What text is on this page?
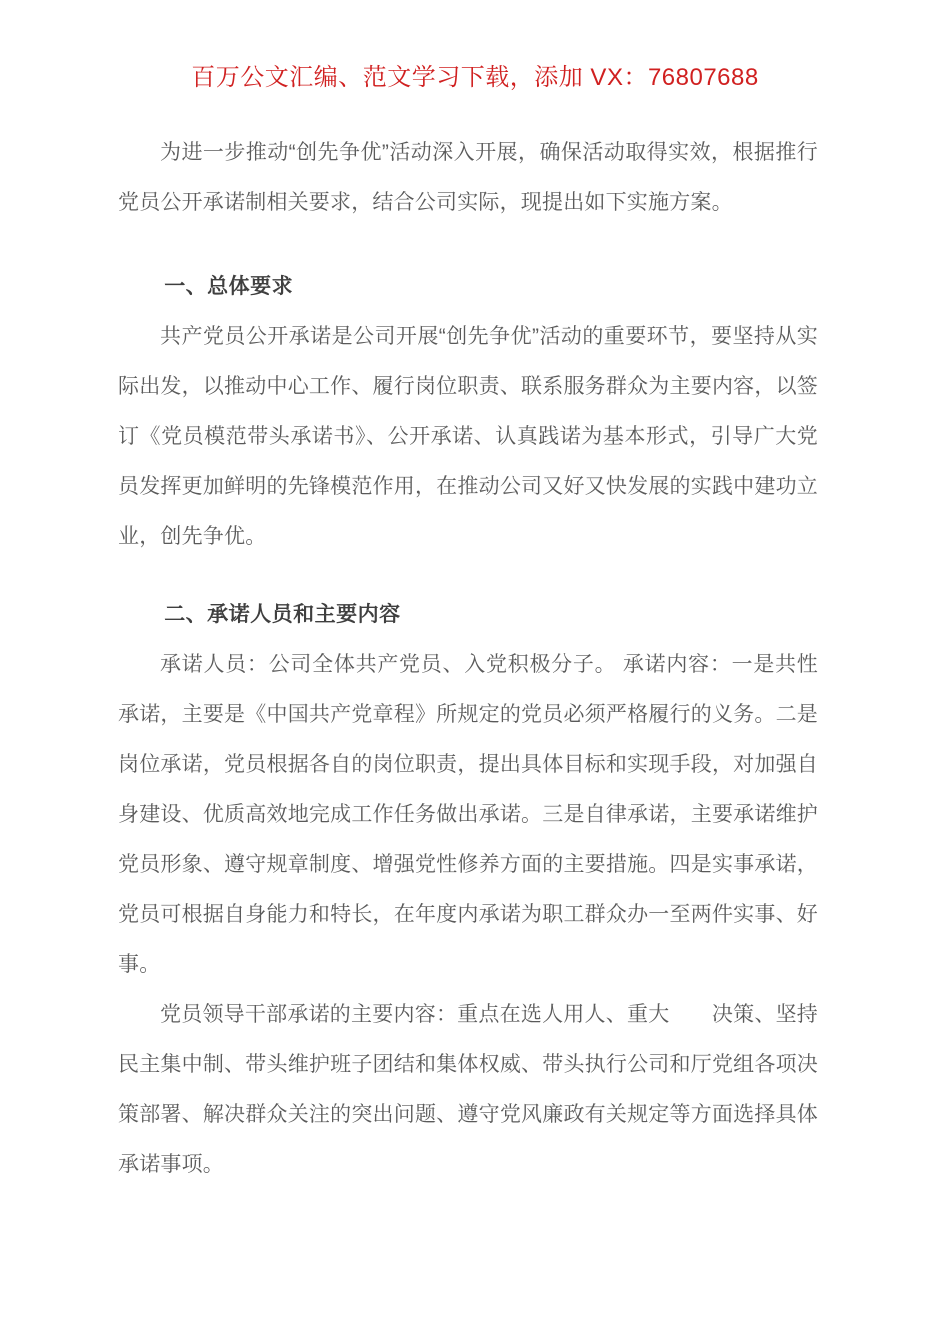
百万公文汇编、范文学习下载，添加 VX：76807688

为进一步推动“创先争优”活动深入开展，确保活动取得实效，根据推行党员公开承诺制相关要求，结合公司实际，现提出如下实施方案。

一、总体要求

共产党员公开承诺是公司开展“创先争优”活动的重要环节，要坚持从实际出发，以推动中心工作、履行岗位职责、联系服务群众为主要内容，以签订《党员模范带头承诺书》、公开承诺、认真践诺为基本形式，引导广大党员发挥更加鲜明的先锋模范作用，在推动公司又好又快发展的实践中建功立业，创先争优。

二、承诺人员和主要内容

承诺人员：公司全体共产党员、入党积极分子。 承诺内容：一是共性承诺，主要是《中国共产党章程》所规定的党员必须严格履行的义务。二是岗位承诺，党员根据各自的岗位职责，提出具体目标和实现手段，对加强自身建设、优质高效地完成工作任务做出承诺。三是自律承诺，主要承诺维护党员形象、遵守规章制度、增强党性修养方面的主要措施。四是实事承诺，党员可根据自身能力和特长，在年度内承诺为职工群众办一至两件实事、好事。

党员领导干部承诺的主要内容：重点在选人用人、重大　　决策、坚持民主集中制、带头维护班子团结和集体权威、带头执行公司和厅党组各项决策部署、解决群众关注的突出问题、遵守党风廉政有关规定等方面选择具体承诺事项。
